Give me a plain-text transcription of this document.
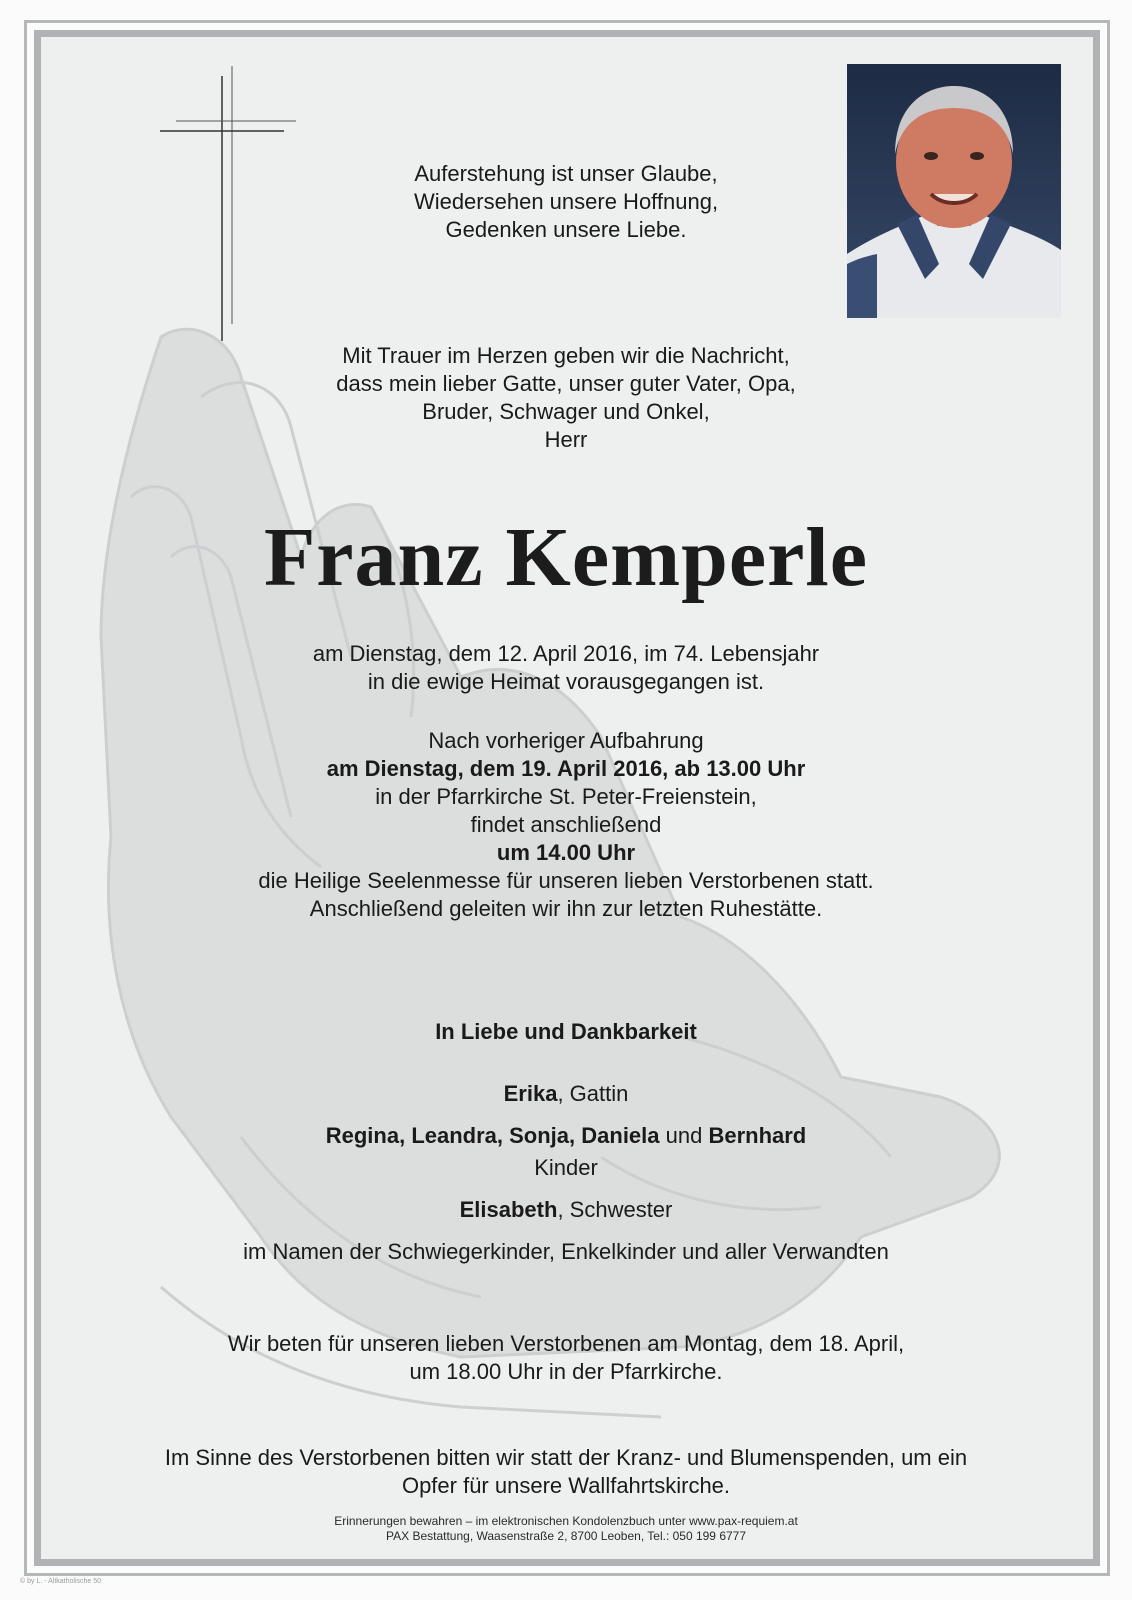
Auferstehung ist unser Glaube,

Wiedersehen unsere Hoffnung,

Gedenken unsere Liebe.

Mit Trauer im Herzen geben wir die Nachricht,

dass mein lieber Gatte, unser guter Vater, Opa,

Bruder, Schwager und Onkel,

Herr

Franz Kemperle

am Dienstag, dem 12. April 2016, im 74. Lebensjahr

in die ewige Heimat vorausgegangen ist.

Nach vorheriger Aufbahrung

am Dienstag, dem 19. April 2016, ab 13.00 Uhr

in der Pfarrkirche St. Peter-Freienstein,

findet anschließend

um 14.00 Uhr

die Heilige Seelenmesse für unseren lieben Verstorbenen statt.

Anschließend geleiten wir ihn zur letzten Ruhestätte.

In Liebe und Dankbarkeit

Erika, Gattin

Regina, Leandra, Sonja, Daniela und Bernhard

Kinder

Elisabeth, Schwester

im Namen der Schwiegerkinder, Enkelkinder und aller Verwandten

Wir beten für unseren lieben Verstorbenen am Montag, dem 18. April,

um 18.00 Uhr in der Pfarrkirche.

Im Sinne des Verstorbenen bitten wir statt der Kranz- und Blumenspenden, um ein

Opfer für unsere Wallfahrtskirche.

Erinnerungen bewahren – im elektronischen Kondolenzbuch unter www.pax-requiem.at
PAX Bestattung, Waasenstraße 2, 8700 Leoben, Tel.: 050 199 6777
© by L. - Altkatholische 50
